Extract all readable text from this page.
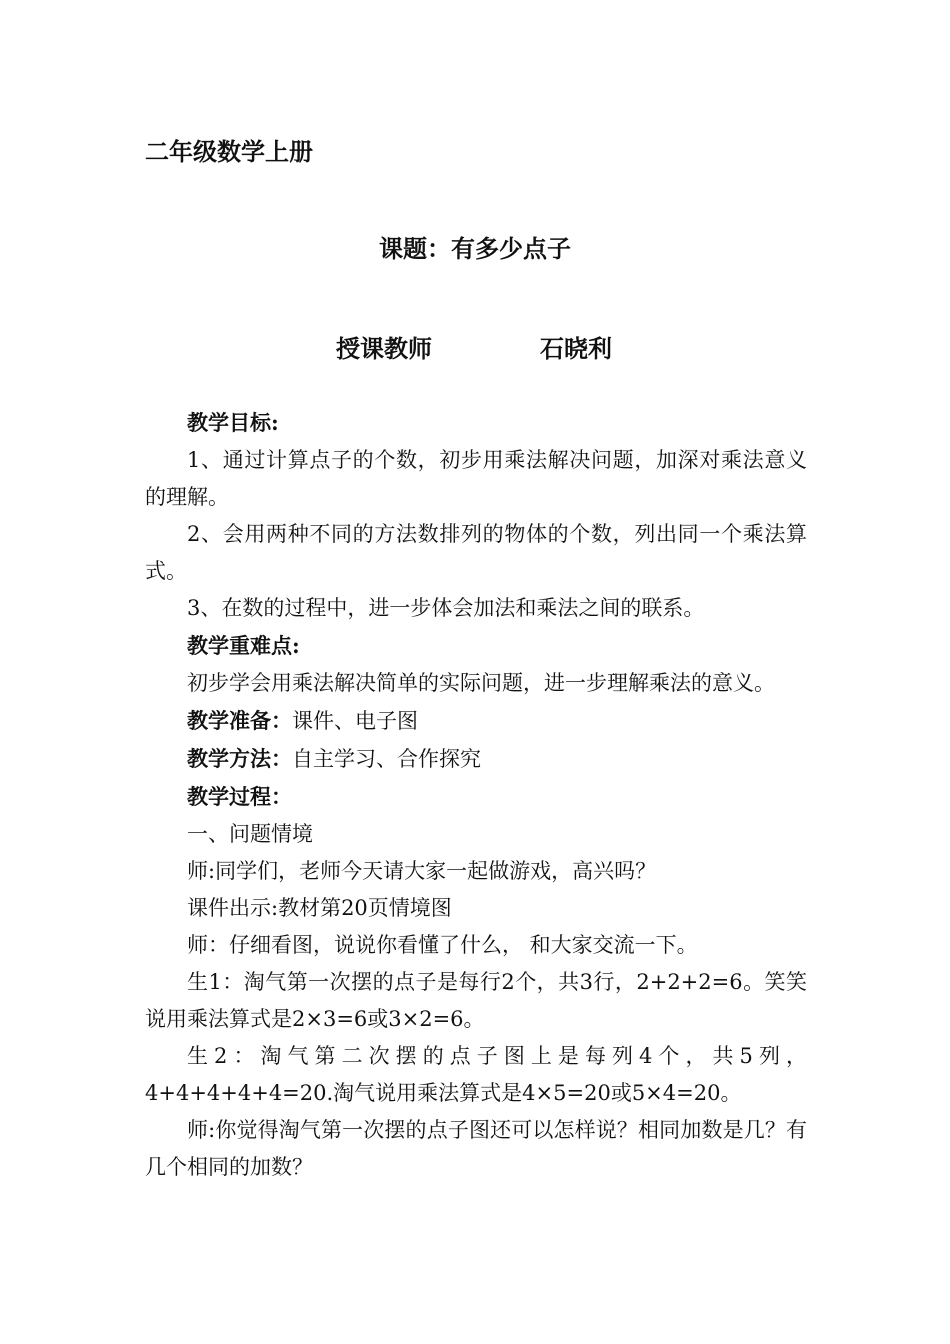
二年级数学上册
课题：有多少点子
授课教师	石晓利

教学目标:

1、通过计算点子的个数，初步用乘法解决问题，加深对乘法意义的理解。

2、会用两种不同的方法数排列的物体的个数，列出同一个乘法算式。

3、在数的过程中，进一步体会加法和乘法之间的联系。

教学重难点:

初步学会用乘法解决简单的实际问题，进一步理解乘法的意义。

教学准备：课件、电子图

教学方法：自主学习、合作探究

教学过程：

一、问题情境

师:同学们，老师今天请大家一起做游戏，高兴吗？

课件出示:教材第20页情境图

师：仔细看图，说说你看懂了什么， 和大家交流一下。

生1：淘气第一次摆的点子是每行2个，共3行，2+2+2=6。笑笑说用乘法算式是2×3=6或3×2=6。

生2：淘气第二次摆的点子图上是每列4个，共5列，4+4+4+4+4=20.淘气说用乘法算式是4×5=20或5×4=20。

师:你觉得淘气第一次摆的点子图还可以怎样说？相同加数是几？有几个相同的加数？
